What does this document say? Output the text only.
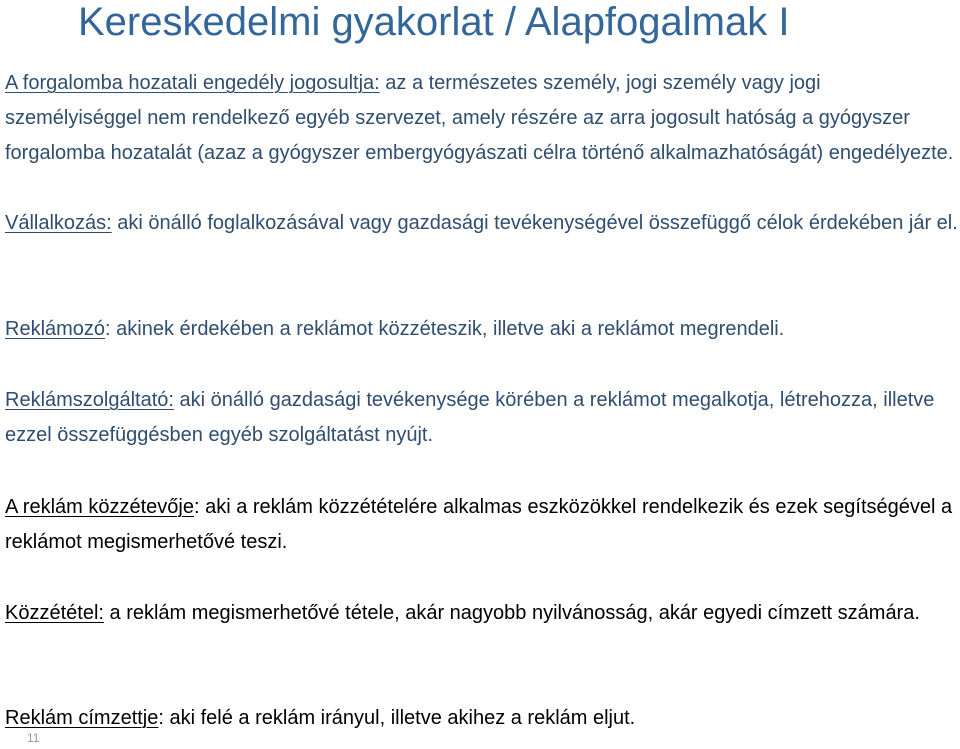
Kereskedelmi gyakorlat / Alapfogalmak I

A forgalomba hozatali engedély jogosultja: az a természetes személy, jogi személy vagy jogi személyiséggel nem rendelkező egyéb szervezet, amely részére az arra jogosult hatóság a gyógyszer forgalomba hozatalát (azaz a gyógyszer embergyógyászati célra történő alkalmazhatóságát) engedélyezte.

Vállalkozás: aki önálló foglalkozásával vagy gazdasági tevékenységével összefüggő célok érdekében jár el.

Reklámozó: akinek érdekében a reklámot közzéteszik, illetve aki a reklámot megrendeli.

Reklámszolgáltató: aki önálló gazdasági tevékenysége körében a reklámot megalkotja, létrehozza, illetve ezzel összefüggésben egyéb szolgáltatást nyújt.

A reklám közzétevője: aki a reklám közzétételére alkalmas eszközökkel rendelkezik és ezek segítségével a reklámot megismerhetővé teszi.

Közzététel: a reklám megismerhetővé tétele, akár nagyobb nyilvánosság, akár egyedi címzett számára.

Reklám címzettje: aki felé a reklám irányul, illetve akihez a reklám eljut.

11
